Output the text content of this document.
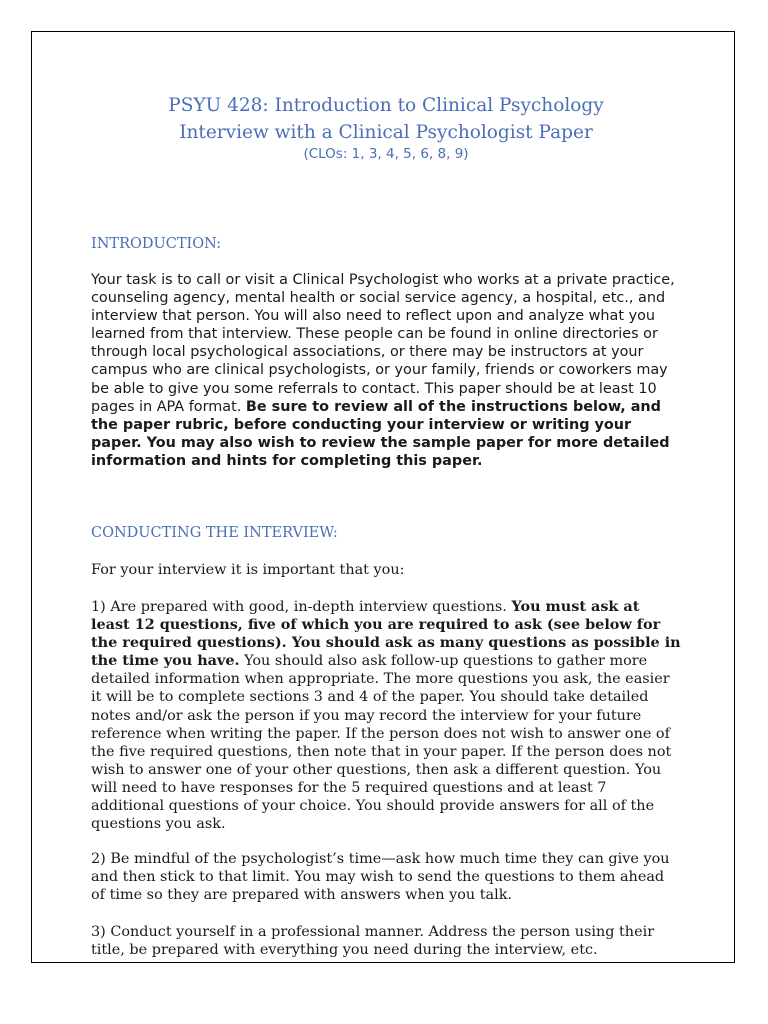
PSYU 428: Introduction to Clinical Psychology

Interview with a Clinical Psychologist Paper

(CLOs: 1, 3, 4, 5, 6, 8, 9)

INTRODUCTION:

Your task is to call or visit a Clinical Psychologist who works at a private practice, counseling agency, mental health or social service agency, a hospital, etc., and interview that person. You will also need to reflect upon and analyze what you learned from that interview. These people can be found in online directories or through local psychological associations, or there may be instructors at your campus who are clinical psychologists, or your family, friends or coworkers may be able to give you some referrals to contact. This paper should be at least 10 pages in APA format. Be sure to review all of the instructions below, and the paper rubric, before conducting your interview or writing your paper. You may also wish to review the sample paper for more detailed information and hints for completing this paper.

CONDUCTING THE INTERVIEW:

For your interview it is important that you:

1) Are prepared with good, in-depth interview questions. You must ask at least 12 questions, five of which you are required to ask (see below for the required questions). You should ask as many questions as possible in the time you have. You should also ask follow-up questions to gather more detailed information when appropriate. The more questions you ask, the easier it will be to complete sections 3 and 4 of the paper. You should take detailed notes and/or ask the person if you may record the interview for your future reference when writing the paper. If the person does not wish to answer one of the five required questions, then note that in your paper. If the person does not wish to answer one of your other questions, then ask a different question. You will need to have responses for the 5 required questions and at least 7 additional questions of your choice. You should provide answers for all of the questions you ask.

2) Be mindful of the psychologist’s time—ask how much time they can give you and then stick to that limit. You may wish to send the questions to them ahead of time so they are prepared with answers when you talk.

3) Conduct yourself in a professional manner. Address the person using their title, be prepared with everything you need during the interview, etc.
